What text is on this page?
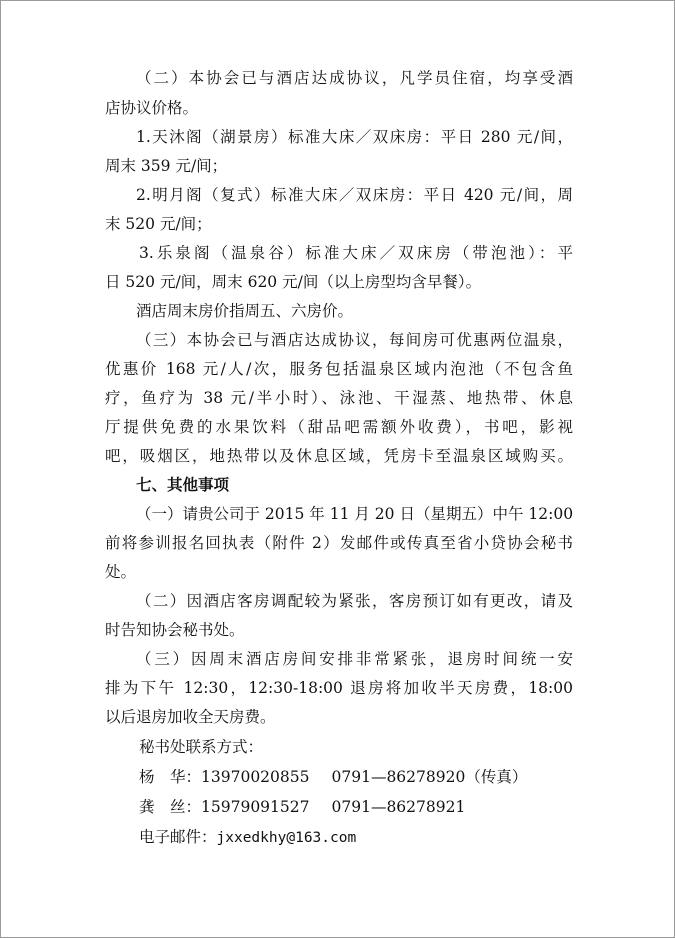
（二）本协会已与酒店达成协议，凡学员住宿，均享受酒
店协议价格。
1.天沐阁（湖景房）标准大床／双床房：平日 280 元/间，
周末 359 元/间；
2.明月阁（复式）标准大床／双床房：平日 420 元/间，周
末 520 元/间；
3.乐泉阁（温泉谷）标准大床／双床房（带泡池）：平
日 520 元/间，周末 620 元/间（以上房型均含早餐）。
酒店周末房价指周五、六房价。
（三）本协会已与酒店达成协议，每间房可优惠两位温泉，
优惠价 168 元/人/次，服务包括温泉区域内泡池（不包含鱼
疗，鱼疗为 38 元/半小时）、泳池、干湿蒸、地热带、休息
厅提供免费的水果饮料（甜品吧需额外收费），书吧，影视
吧，吸烟区，地热带以及休息区域，凭房卡至温泉区域购买。
七、其他事项
（一）请贵公司于 2015 年 11 月 20 日（星期五）中午 12:00
前将参训报名回执表（附件 2）发邮件或传真至省小贷协会秘书
处。
（二）因酒店客房调配较为紧张，客房预订如有更改，请及
时告知协会秘书处。
（三）因周末酒店房间安排非常紧张，退房时间统一安
排为下午 12:30，12:30-18:00 退房将加收半天房费，18:00
以后退房加收全天房费。
秘书处联系方式：
杨　华：13970020855 0791—86278920（传真）
龚　丝：15979091527 0791—86278921
电子邮件：jxxedkhy@163.com
